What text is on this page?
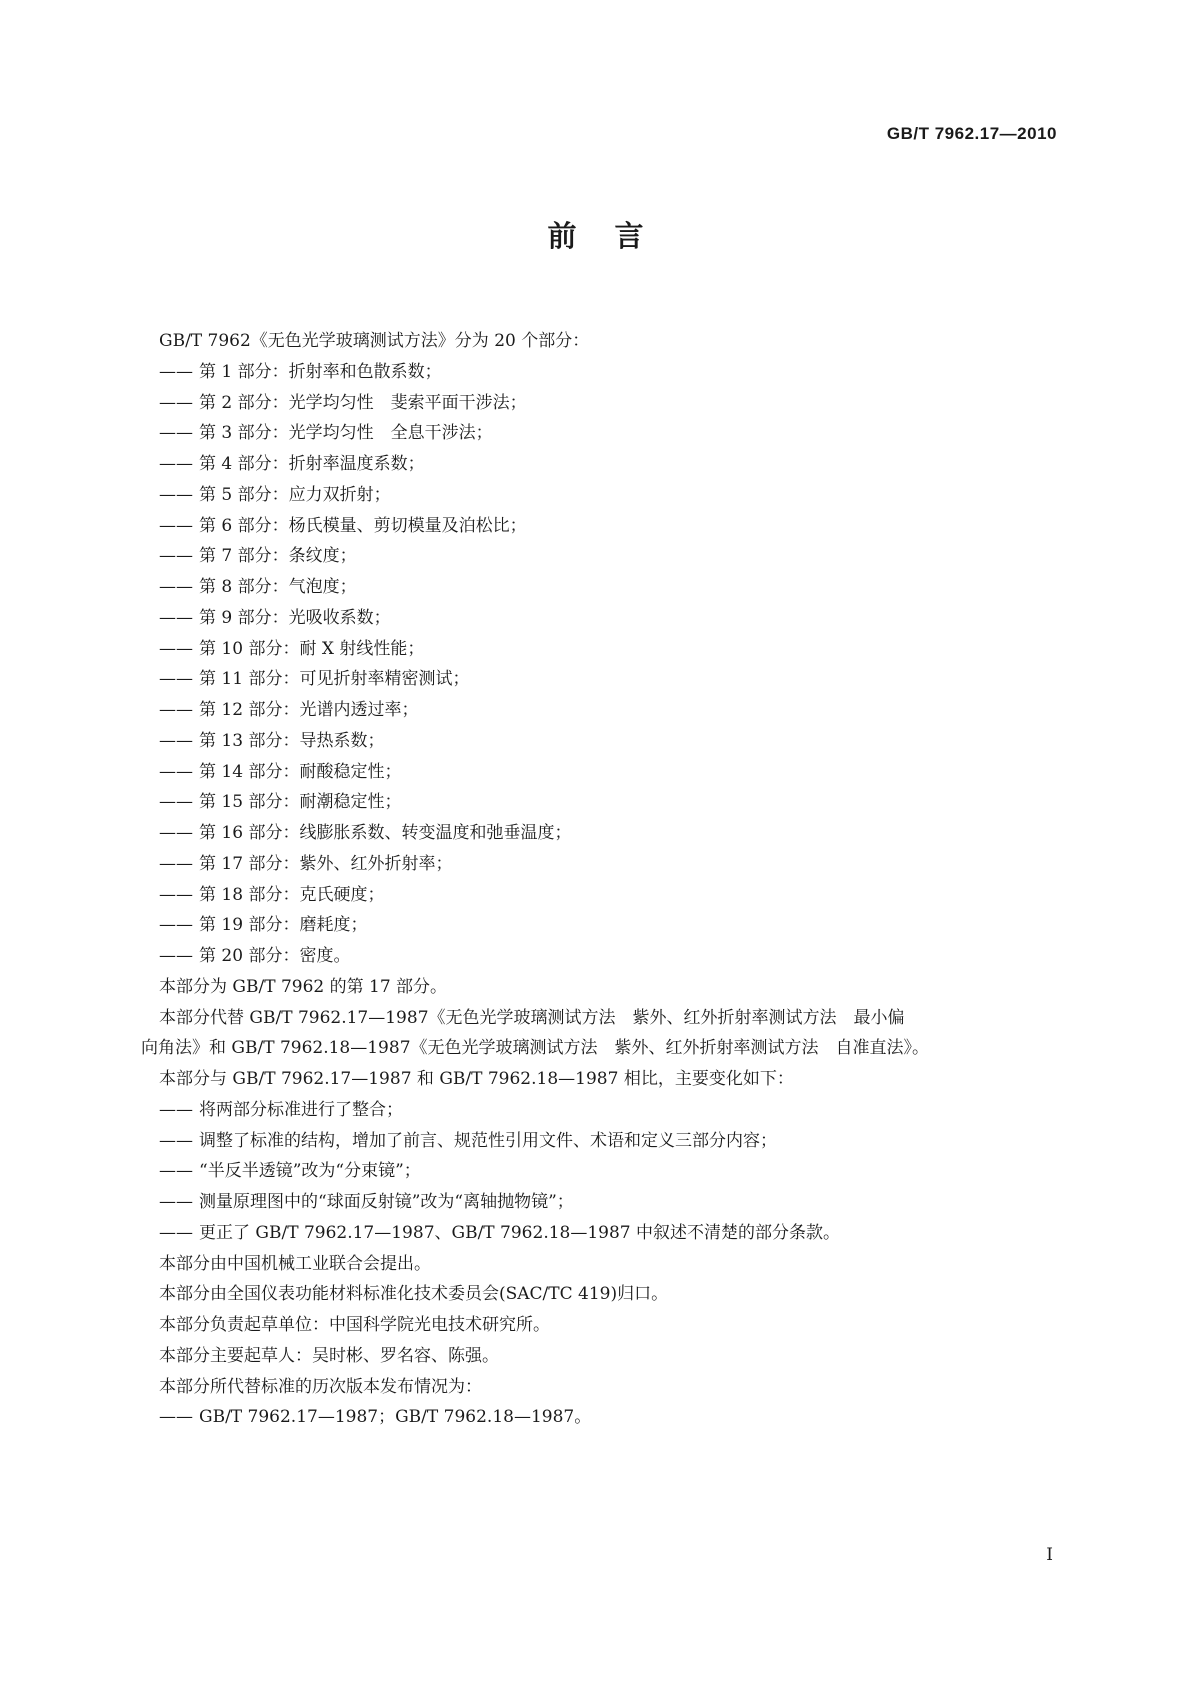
GB/T 7962.17—2010
前言

GB/T 7962《无色光学玻璃测试方法》分为 20 个部分：

—— 第 1 部分：折射率和色散系数；

—— 第 2 部分：光学均匀性　斐索平面干涉法；

—— 第 3 部分：光学均匀性　全息干涉法；

—— 第 4 部分：折射率温度系数；

—— 第 5 部分：应力双折射；

—— 第 6 部分：杨氏模量、剪切模量及泊松比；

—— 第 7 部分：条纹度；

—— 第 8 部分：气泡度；

—— 第 9 部分：光吸收系数；

—— 第 10 部分：耐 X 射线性能；

—— 第 11 部分：可见折射率精密测试；

—— 第 12 部分：光谱内透过率；

—— 第 13 部分：导热系数；

—— 第 14 部分：耐酸稳定性；

—— 第 15 部分：耐潮稳定性；

—— 第 16 部分：线膨胀系数、转变温度和弛垂温度；

—— 第 17 部分：紫外、红外折射率；

—— 第 18 部分：克氏硬度；

—— 第 19 部分：磨耗度；

—— 第 20 部分：密度。

本部分为 GB/T 7962 的第 17 部分。

本部分代替 GB/T 7962.17—1987《无色光学玻璃测试方法　紫外、红外折射率测试方法　最小偏

向角法》和 GB/T 7962.18—1987《无色光学玻璃测试方法　紫外、红外折射率测试方法　自准直法》。

本部分与 GB/T 7962.17—1987 和 GB/T 7962.18—1987 相比，主要变化如下：

—— 将两部分标准进行了整合；

—— 调整了标准的结构，增加了前言、规范性引用文件、术语和定义三部分内容；

—— “半反半透镜”改为“分束镜”；

—— 测量原理图中的“球面反射镜”改为“离轴抛物镜”；

—— 更正了 GB/T 7962.17—1987、GB/T 7962.18—1987 中叙述不清楚的部分条款。

本部分由中国机械工业联合会提出。

本部分由全国仪表功能材料标准化技术委员会(SAC/TC 419)归口。

本部分负责起草单位：中国科学院光电技术研究所。

本部分主要起草人：吴时彬、罗名容、陈强。

本部分所代替标准的历次版本发布情况为：

—— GB/T 7962.17—1987；GB/T 7962.18—1987。

I
